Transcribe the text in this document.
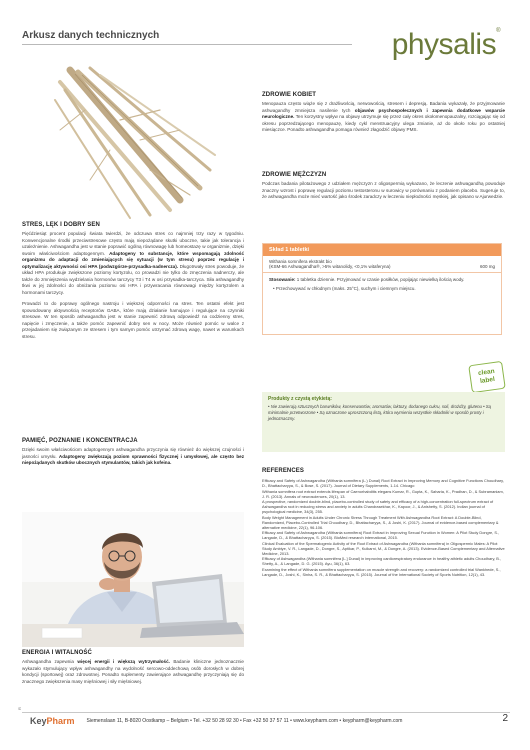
Arkusz danych technicznych	physalis®
STRES, LĘK I DOBRY SEN

Pięćdziesiąt procent populacji świata twierdzi, że odczuwa stres co najmniej trzy razy w tygodniu. Konwencjonalne środki przeciwstresowe często mają niepożądane skutki uboczne, takie jak tolerancja i uzależnienie. Ashwagandha jest w stanie poprawić ogólną równowagę lub homeostazę w organizmie, dzięki swoim właściwościom adaptogennym. Adaptogeny to substancje, które wspomagają zdolność organizmu do adaptacji do zmieniających się sytuacji (w tym stresu) poprzez regulację i optymalizację aktywności osi HPA (podwzgórze-przysadka-nadnercza). Długotrwały stres powoduje, że układ HPA produkuje zwiększone poziomy kortyzolu, co prowadzi nie tylko do zmęczenia nadnerczy, ale także do zmniejszenia wydzielania hormonów tarczycy T3 i T4 w osi przysadka-tarczyca. Siła ashwagandhy tkwi w jej zdolności do obniżania poziomu osi HPA i przywracania równowagi między kortyzolem a hormonami tarczycy.

Prowadzi to do poprawy ogólnego nastroju i większej odporności na stres. Ten ostatni efekt jest spowodowany aktywnością receptorów GABA, które mają działanie hamujące i regulujące na czynniki stresowe. W ten sposób ashwagandha jest w stanie zapewnić zdrową odpowiedź na codzienny stres, napięcie i zmęczenie, a także pomóc zapewnić dobry sen w nocy. Może również pomóc w walce z przejadaniem się związanym ze stresem i tym samym pomóc utrzymać zdrową wagę, nawet w warunkach stresu.

PAMIĘĆ, POZNANIE I KONCENTRACJA

Dzięki swoim właściwościom adaptogennym ashwagandha przyczynia się również do większej czujności i jasności umysłu. Adaptogeny zwiększają poziom sprawności fizycznej i umysłowej, ale często bez niepożądanych skutków ubocznych stymulantów, takich jak kofeina.

ENERGIA I WITALNOŚĆ

Ashwagandha zapewnia więcej energii i większą wytrzymałość. Badanie kliniczne jednoznacznie wykazało stymulujący wpływ ashwagandhy na wydolność sercowo-oddechową osób dorosłych w dobrej kondycji (sportowej) oraz zdrowotnej. Ponadto suplementy zawierające ashwagandhę przyczyniają się do znacznego zwiększenia masy mięśniowej i siły mięśniowej.

ZDROWIE KOBIET

Menopauza często wiąże się z drażliwością, nerwowością, stresem i depresją. Badania wykazały, że przyjmowanie ashwagandhy zmniejsza nasilenie tych objawów psychospołecznych i zapewnia dodatkowe wsparcie neurologiczne. Ten korzystny wpływ na objawy utrzymuje się przez cały okres okołomenopauzalny, rozciągając się od okresu poprzedzającego menopauzę, kiedy cykl menstruacyjny ulega zmianie, aż do około roku po ostatniej miesiączce. Ponadto ashwagandha pomaga również złagodzić objawy PMS.

ZDROWIE MĘŻCZYZN

Podczas badania pilotażowego z udziałem mężczyzn z oligospermią wykazano, że leczenie ashwagandhą powoduje znaczny wzrost i poprawę regulacji poziomu testosteronu w surowicy w porównaniu z podaniem placebo. Sugeruje to, że ashwagandha może mieć wartość jako środek zaradczy w leczeniu niepłodności męskiej, jak opisano w Ajurwedzie.

Skład 1 tabletki
Withania somnifera ekstrakt bio
(KSM-66 Ashwagandha®, >5% witanolidy, <0,1% witaferyna)	600 mg

Stosowanie: 1 tabletka dziennie. Przyjmować w czasie posiłków, popijając niewielką ilością wody.

• Przechowywać w chłodnym (maks. 25°C), suchym i ciemnym miejscu.

clean
label
Produkty z czystą etykietą:
• Nie zawierają sztucznych barwników, konserwantów, aromatów, laktozy, dodanego cukru, soli, drożdży, glutenu • Są minimalnie przetworzone • Są oznaczone uproszczoną listą, która wymienia wszystkie składniki w sposób prosty i jednoznaczny.
REFERENCES
Efficacy and Safety of Ashwagandha (Withania somnifera (L.) Dunal) Root Extract in Improving Memory and Cognitive Functions Choudhary, D., Bhattacharyya, S., & Bose, S. (2017). Journal of Dietary Supplements, 1-14. Chicago
Withania somnifera root extract extends lifespan of Caenorhabditis elegans Kumar, R., Gupta, K., Saharia, K., Pradhan, D., & Subramaniam, J. R. (2013). Annals of neurosciences, 20(1), 13.
A prospective, randomized double-blind, placebo-controlled study of safety and efficacy of a high-concentration full-spectrum extract of Ashwagandha root in reducing stress and anxiety in adults Chandrasekhar, K., Kapoor, J., & Anishetty, S. (2012). Indian journal of psychological medicine, 34(3), 255.
Body Weight Management in Adults Under Chronic Stress Through Treatment With Ashwagandha Root Extract: A Double-Blind, Randomized, Placebo-Controlled Trial Choudhary, D., Bhattacharyya, S., & Joshi, K. (2017). Journal of evidence-based complementary & alternative medicine, 22(1), 96-106.
Efficacy and Safety of Ashwagandha (Withania somnifera) Root Extract in Improving Sexual Function in Women: A Pilot Study Dongre, S., Langade, D., & Bhattacharyya, S. (2015). BioMed research international, 2015.
Clinical Evaluation of the Spermatogenic Activity of the Root Extract of Ashwagandha (Withania somnifera) in Oligospermic Males: A Pilot Study Ambiye, V. R., Langade, D., Dongre, S., Aptikar, P., Kulkarni, M., & Dongre, A. (2013). Evidence-Based Complementary and Alternative Medicine, 2013.
Efficacy of Ashwagandha (Withania somnifera [L.] Dunal) in improving cardiorespiratory endurance in healthy athletic adults Choudhary, B., Shetty, A., & Langade, D. G. (2015). Ayu, 36(1), 63.
Examining the effect of Withania somnifera supplementation on muscle strength and recovery: a randomized controlled trial Wankhede, S., Langade, D., Joshi, K., Sinha, S. R., & Bhattacharyya, S. (2015). Journal of the International Society of Sports Nutrition, 12(1), 43.
R
KeyPharm Siemenslaan 11, B-8020 Oostkamp – Belgium • Tel. +32 50 28 92 30 • Fax +32 50 37 57 11 • www.keypharm.com • keypharm@keypharm.com	2
